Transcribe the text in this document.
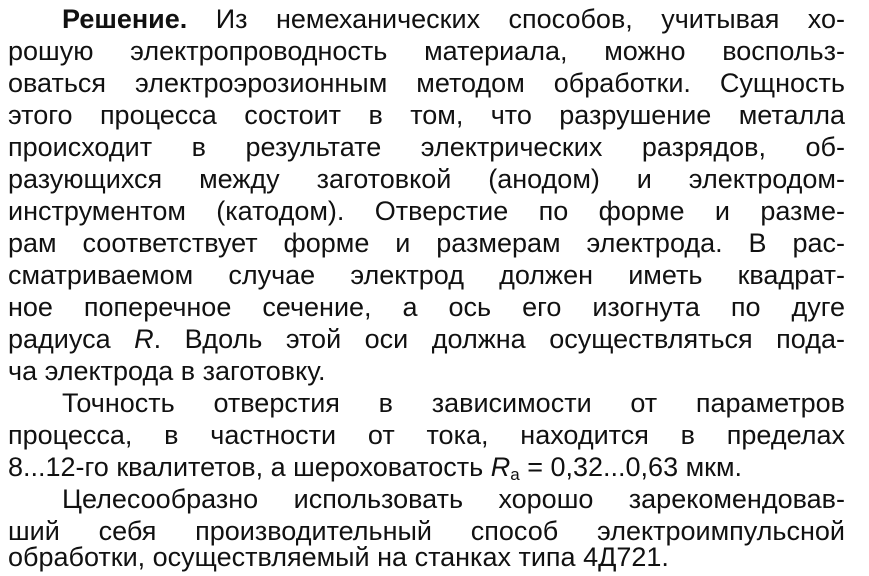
Решение. Из немеханических способов, учитывая хо-
рошую электропроводность материала, можно воспольз-
оваться электроэрозионным методом обработки. Сущность
этого процесса состоит в том, что разрушение металла
происходит в результате электрических разрядов, об-
разующихся между заготовкой (анодом) и электродом-
инструментом (катодом). Отверстие по форме и разме-
рам соответствует форме и размерам электрода. В рас-
сматриваемом случае электрод должен иметь квадрат-
ное поперечное сечение, а ось его изогнута по дуге
радиуса R. Вдоль этой оси должна осуществляться пода-
ча электрода в заготовку.
Точность отверстия в зависимости от параметров
процесса, в частности от тока, находится в пределах
8...12-го квалитетов, а шероховатость $R_a = 0,32...0,63$ мкм.
Целесообразно использовать хорошо зарекомендовав-
ший себя производительный способ электроимпульсной
обработки, осуществляемый на станках типа 4Д721.
